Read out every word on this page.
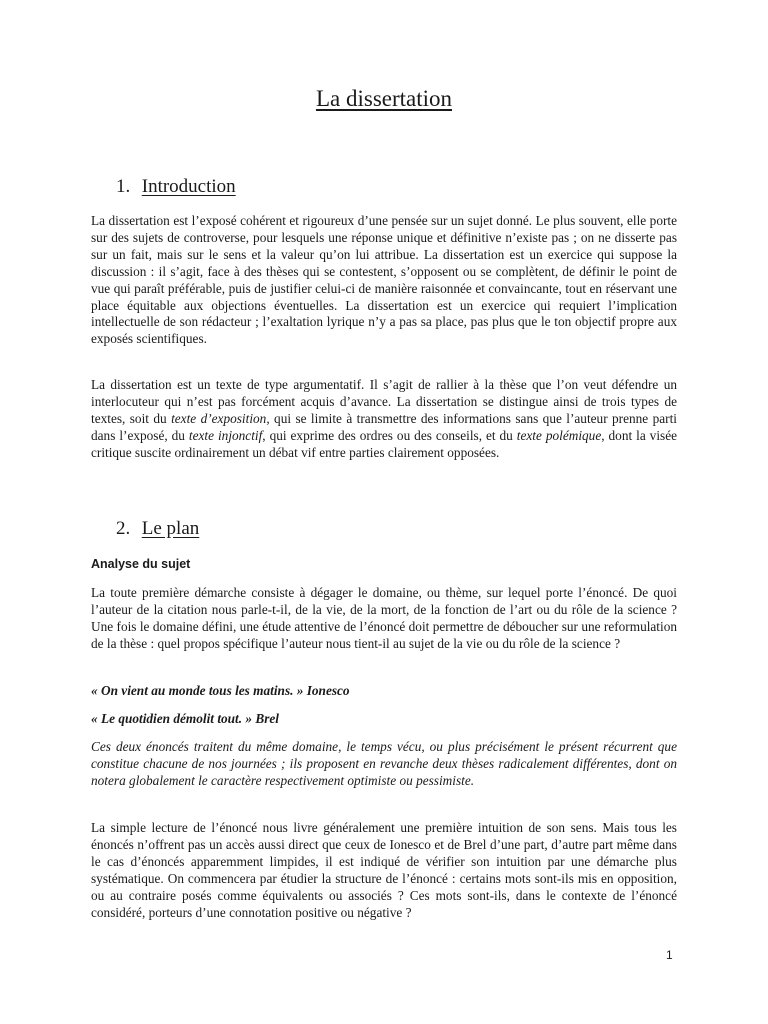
La dissertation
1. Introduction

La dissertation est l’exposé cohérent et rigoureux d’une pensée sur un sujet donné. Le plus souvent, elle porte sur des sujets de controverse, pour lesquels une réponse unique et définitive n’existe pas ; on ne disserte pas sur un fait, mais sur le sens et la valeur qu’on lui attribue. La dissertation est un exercice qui suppose la discussion : il s’agit, face à des thèses qui se contestent, s’opposent ou se complètent, de définir le point de vue qui paraît préférable, puis de justifier celui-ci de manière raisonnée et convaincante, tout en réservant une place équitable aux objections éventuelles. La dissertation est un exercice qui requiert l’implication intellectuelle de son rédacteur ; l’exaltation lyrique n’y a pas sa place, pas plus que le ton objectif propre aux exposés scientifiques.

La dissertation est un texte de type argumentatif. Il s’agit de rallier à la thèse que l’on veut défendre un interlocuteur qui n’est pas forcément acquis d’avance. La dissertation se distingue ainsi de trois types de textes, soit du texte d’exposition, qui se limite à transmettre des informations sans que l’auteur prenne parti dans l’exposé, du texte injonctif, qui exprime des ordres ou des conseils, et du texte polémique, dont la visée critique suscite ordinairement un débat vif entre parties clairement opposées.

2. Le plan
Analyse du sujet

La toute première démarche consiste à dégager le domaine, ou thème, sur lequel porte l’énoncé. De quoi l’auteur de la citation nous parle-t-il, de la vie, de la mort, de la fonction de l’art ou du rôle de la science ? Une fois le domaine défini, une étude attentive de l’énoncé doit permettre de déboucher sur une reformulation de la thèse : quel propos spécifique l’auteur nous tient-il au sujet de la vie ou du rôle de la science ?

« On vient au monde tous les matins. » Ionesco
« Le quotidien démolit tout. » Brel

Ces deux énoncés traitent du même domaine, le temps vécu, ou plus précisément le présent récurrent que constitue chacune de nos journées ; ils proposent en revanche deux thèses radicalement différentes, dont on notera globalement le caractère respectivement optimiste ou pessimiste.

La simple lecture de l’énoncé nous livre généralement une première intuition de son sens. Mais tous les énoncés n’offrent pas un accès aussi direct que ceux de Ionesco et de Brel d’une part, d’autre part même dans le cas d’énoncés apparemment limpides, il est indiqué de vérifier son intuition par une démarche plus systématique. On commencera par étudier la structure de l’énoncé : certains mots sont-ils mis en opposition, ou au contraire posés comme équivalents ou associés ? Ces mots sont-ils, dans le contexte de l’énoncé considéré, porteurs d’une connotation positive ou négative ?

1
